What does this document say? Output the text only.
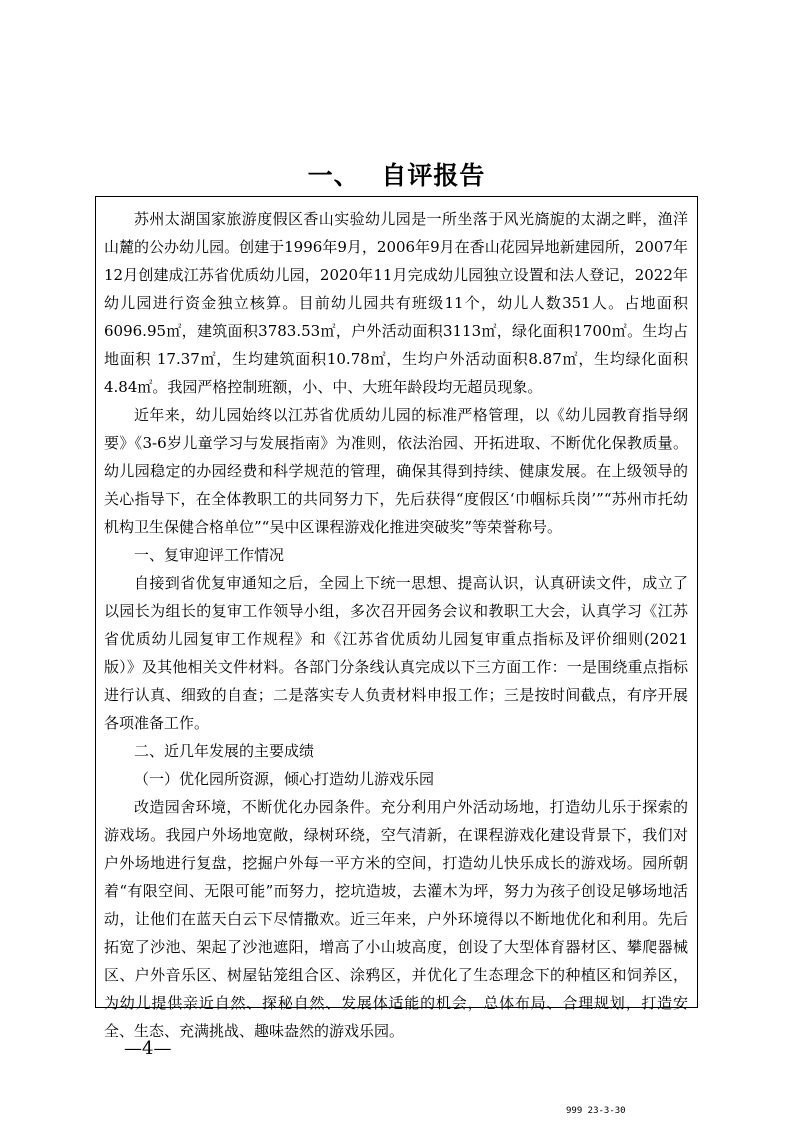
一、 自评报告

苏州太湖国家旅游度假区香山实验幼儿园是一所坐落于风光旖旎的太湖之畔，渔洋山麓的公办幼儿园。创建于1996年9月，2006年9月在香山花园异地新建园所，2007年12月创建成江苏省优质幼儿园，2020年11月完成幼儿园独立设置和法人登记，2022年幼儿园进行资金独立核算。目前幼儿园共有班级11个，幼儿人数351人。占地面积6096.95㎡，建筑面积3783.53㎡，户外活动面积3113㎡，绿化面积1700㎡。生均占地面积 17.37㎡，生均建筑面积10.78㎡，生均户外活动面积8.87㎡，生均绿化面积4.84㎡。我园严格控制班额，小、中、大班年龄段均无超员现象。

近年来，幼儿园始终以江苏省优质幼儿园的标准严格管理，以《幼儿园教育指导纲要》《3-6岁儿童学习与发展指南》为准则，依法治园、开拓进取、不断优化保教质量。幼儿园稳定的办园经费和科学规范的管理，确保其得到持续、健康发展。在上级领导的关心指导下，在全体教职工的共同努力下，先后获得“度假区‘巾帼标兵岗’”“苏州市托幼机构卫生保健合格单位”“吴中区课程游戏化推进突破奖”等荣誉称号。

一、复审迎评工作情况

自接到省优复审通知之后，全园上下统一思想、提高认识，认真研读文件，成立了以园长为组长的复审工作领导小组，多次召开园务会议和教职工大会，认真学习《江苏省优质幼儿园复审工作规程》和《江苏省优质幼儿园复审重点指标及评价细则(2021版）》及其他相关文件材料。各部门分条线认真完成以下三方面工作：一是围绕重点指标进行认真、细致的自查；二是落实专人负责材料申报工作；三是按时间截点，有序开展各项准备工作。

二、近几年发展的主要成绩

（一）优化园所资源，倾心打造幼儿游戏乐园

改造园舍环境，不断优化办园条件。充分利用户外活动场地，打造幼儿乐于探索的游戏场。我园户外场地宽敞，绿树环绕，空气清新，在课程游戏化建设背景下，我们对户外场地进行复盘，挖掘户外每一平方米的空间，打造幼儿快乐成长的游戏场。园所朝着“有限空间、无限可能”而努力，挖坑造坡，去灌木为坪，努力为孩子创设足够场地活动，让他们在蓝天白云下尽情撒欢。近三年来，户外环境得以不断地优化和利用。先后拓宽了沙池、架起了沙池遮阳，增高了小山坡高度，创设了大型体育器材区、攀爬器械区、户外音乐区、树屋钻笼组合区、涂鸦区，并优化了生态理念下的种植区和饲养区，为幼儿提供亲近自然、探秘自然、发展体适能的机会，总体布局、合理规划，打造安全、生态、充满挑战、趣味盎然的游戏乐园。

—4—
999 23-3-30
